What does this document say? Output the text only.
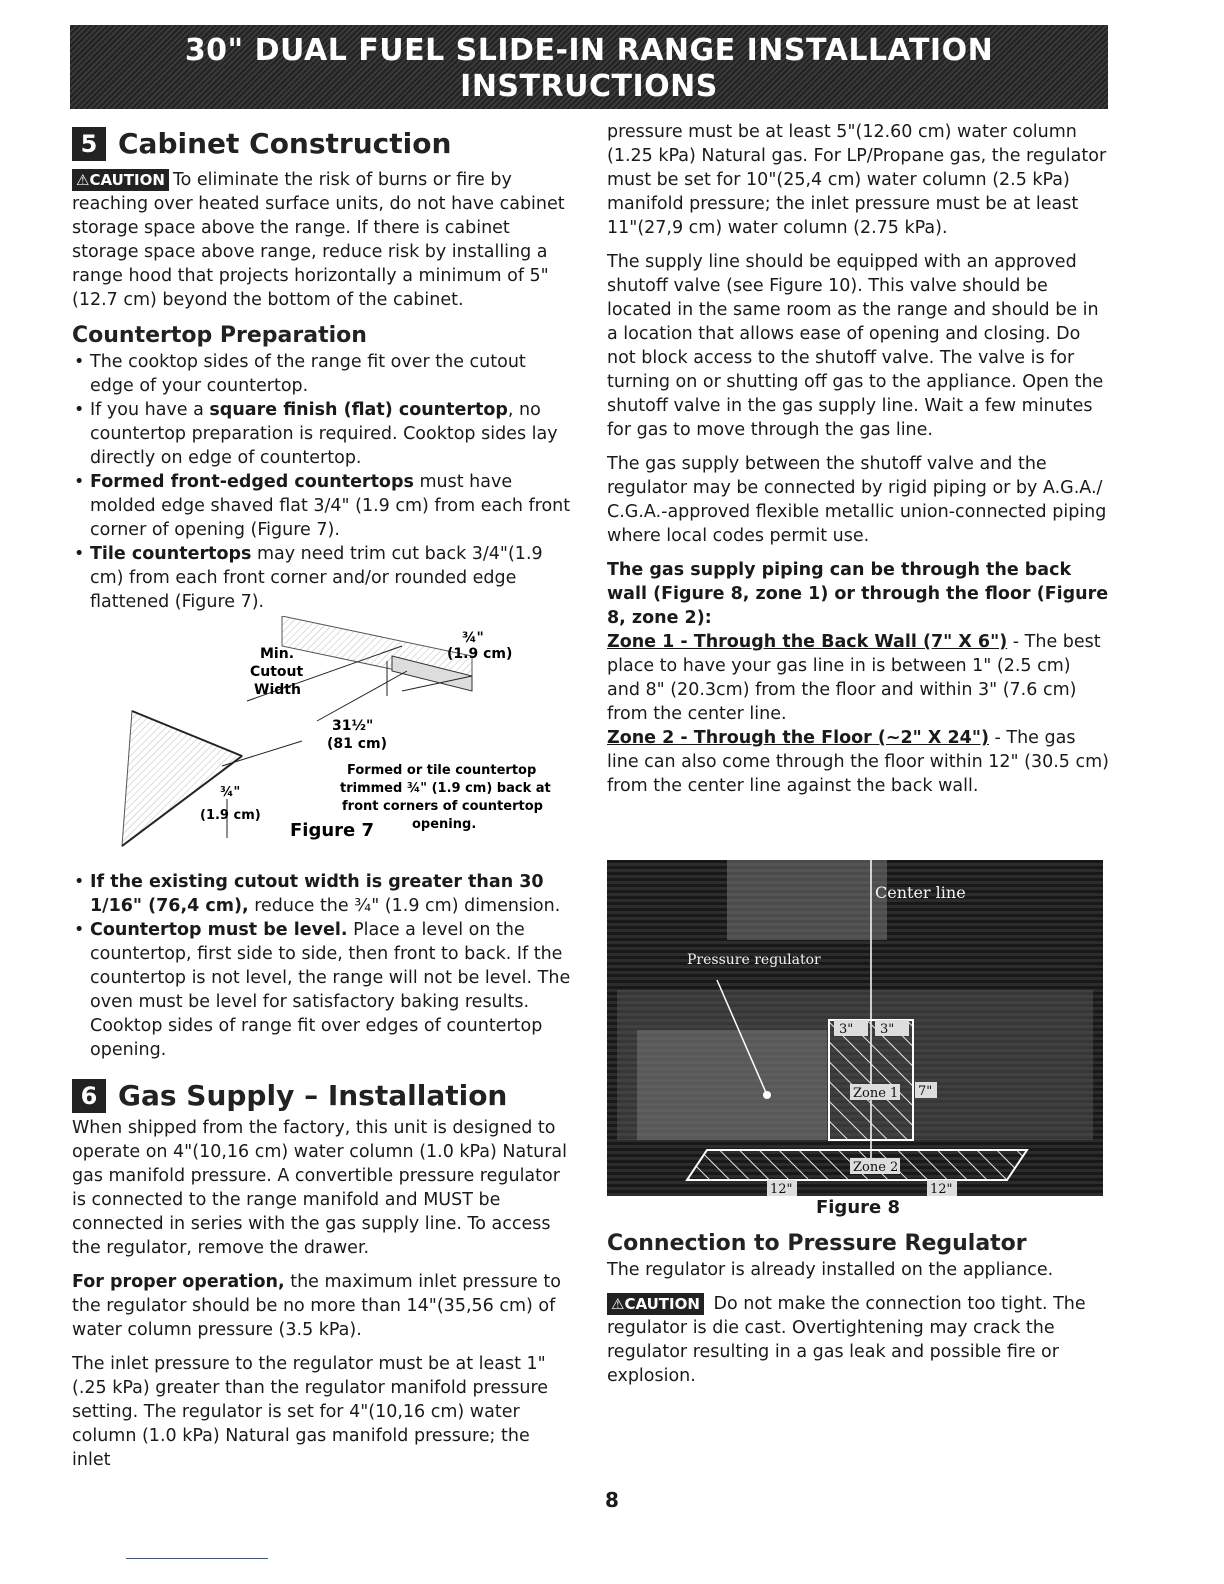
30" DUAL FUEL SLIDE-IN RANGE INSTALLATION INSTRUCTIONS
(Models with an Electric Oven and a Gas Cooktop)
5 Cabinet Construction

⚠CAUTION To eliminate the risk of burns or fire by reaching over heated surface units, do not have cabinet storage space above the range. If there is cabinet storage space above range, reduce risk by installing a range hood that projects horizontally a minimum of 5" (12.7 cm) beyond the bottom of the cabinet.

Countertop Preparation
• The cooktop sides of the range fit over the cutout edge of your countertop.
• If you have a square finish (flat) countertop, no countertop preparation is required. Cooktop sides lay directly on edge of countertop.
• Formed front-edged countertops must have molded edge shaved flat 3/4" (1.9 cm) from each front corner of opening (Figure 7).
• Tile countertops may need trim cut back 3/4"(1.9 cm) from each front corner and/or rounded edge flattened (Figure 7).
Min.
Cutout
Width
¾"
(1.9 cm)
31½"
(81 cm)
¾"
(1.9 cm)
Formed or tile countertop
trimmed ¾" (1.9 cm) back at
front corners of countertop
opening.
Figure 7
• If the existing cutout width is greater than 30 1/16" (76,4 cm), reduce the ¾" (1.9 cm) dimension.
• Countertop must be level. Place a level on the countertop, first side to side, then front to back. If the countertop is not level, the range will not be level. The oven must be level for satisfactory baking results. Cooktop sides of range fit over edges of countertop opening.
6 Gas Supply – Installation

When shipped from the factory, this unit is designed to operate on 4"(10,16 cm) water column (1.0 kPa) Natural gas manifold pressure. A convertible pressure regulator is connected to the range manifold and MUST be connected in series with the gas supply line. To access the regulator, remove the drawer.

For proper operation, the maximum inlet pressure to the regulator should be no more than 14"(35,56 cm) of water column pressure (3.5 kPa).

The inlet pressure to the regulator must be at least 1" (.25 kPa) greater than the regulator manifold pressure setting. The regulator is set for 4"(10,16 cm) water column (1.0 kPa) Natural gas manifold pressure; the inlet

pressure must be at least 5"(12.60 cm) water column (1.25 kPa) Natural gas. For LP/Propane gas, the regulator must be set for 10"(25,4 cm) water column (2.5 kPa) manifold pressure; the inlet pressure must be at least 11"(27,9 cm) water column (2.75 kPa).

The supply line should be equipped with an approved shutoff valve (see Figure 10). This valve should be located in the same room as the range and should be in a location that allows ease of opening and closing. Do not block access to the shutoff valve. The valve is for turning on or shutting off gas to the appliance. Open the shutoff valve in the gas supply line. Wait a few minutes for gas to move through the gas line.

The gas supply between the shutoff valve and the regulator may be connected by rigid piping or by A.G.A./ C.G.A.-approved flexible metallic union-connected piping where local codes permit use.

The gas supply piping can be through the back wall (Figure 8, zone 1) or through the floor (Figure 8, zone 2):

Zone 1 - Through the Back Wall (7" X 6") - The best place to have your gas line in is between 1" (2.5 cm) and 8" (20.3cm) from the floor and within 3" (7.6 cm) from the center line.

Zone 2 - Through the Floor (~2" X 24") - The gas line can also come through the floor within 12" (30.5 cm) from the center line against the back wall.

Center line
Pressure regulator
3" 3"
Zone 1 7"
Zone 2
12"	12"
Figure 8
Connection to Pressure Regulator

The regulator is already installed on the appliance.

⚠CAUTION Do not make the connection too tight. The regulator is die cast. Overtightening may crack the regulator resulting in a gas leak and possible fire or explosion.

8
